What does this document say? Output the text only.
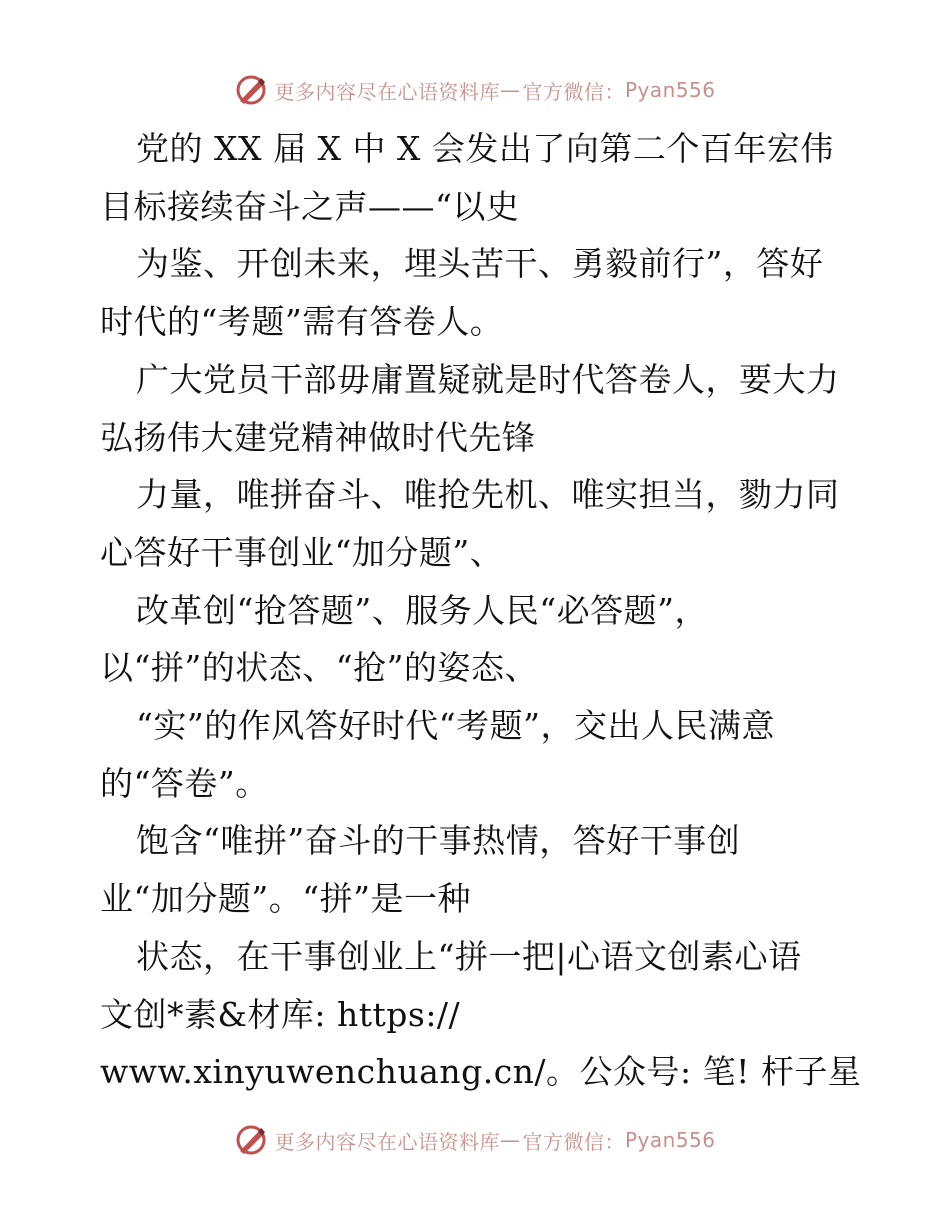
更多内容尽在心语资料库 — 官方微信： Pyan556

党的 XX 届 X 中 X 会发出了向第二个百年宏伟
目标接续奋斗之声——“以史

为鉴、开创未来，埋头苦干、勇毅前行”，答好
时代的“考题”需有答卷人。

广大党员干部毋庸置疑就是时代答卷人，要大力
弘扬伟大建党精神做时代先锋

力量，唯拼奋斗、唯抢先机、唯实担当，勠力同
心答好干事创业“加分题”、

改革创“抢答题”、服务人民“必答题”，
以“拼”的状态、“抢”的姿态、

“实”的作风答好时代“考题”，交出人民满意
的“答卷”。

饱含“唯拼”奋斗的干事热情，答好干事创
业“加分题”。“拼”是一种

状态，在干事创业上“拼一把|心语文创素心语
文创*素&材库: https://
www.xinyuwenchuang.cn/。公众号: 笔! 杆子星

更多内容尽在心语资料库 — 官方微信： Pyan556
